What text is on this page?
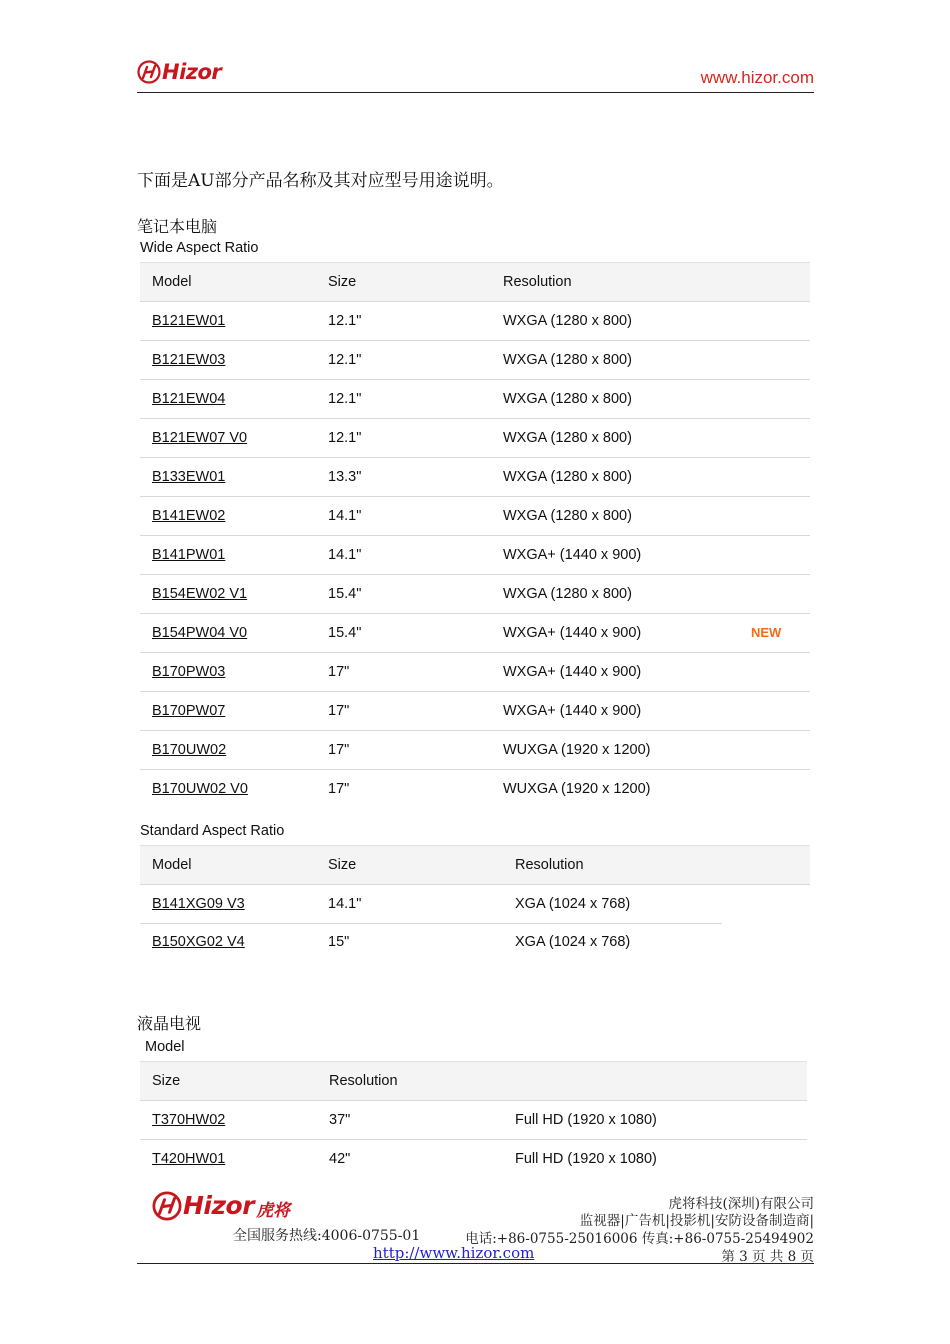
Hizor	www.hizor.com
下面是AU部分产品名称及其对应型号用途说明。
笔记本电脑
Wide Aspect Ratio
Model	Size	Resolution
B121EW01	12.1"	WXGA (1280 x 800)
B121EW03	12.1"	WXGA (1280 x 800)
B121EW04	12.1"	WXGA (1280 x 800)
B121EW07 V0	12.1"	WXGA (1280 x 800)
B133EW01	13.3"	WXGA (1280 x 800)
B141EW02	14.1"	WXGA (1280 x 800)
B141PW01	14.1"	WXGA+ (1440 x 900)
B154EW02 V1	15.4"	WXGA (1280 x 800)
B154PW04 V0	15.4"	WXGA+ (1440 x 900)	NEW
B170PW03	17"	WXGA+ (1440 x 900)
B170PW07	17"	WXGA+ (1440 x 900)
B170UW02	17"	WUXGA (1920 x 1200)
B170UW02 V0	17"	WUXGA (1920 x 1200)
Standard Aspect Ratio
Model	Size	Resolution
B141XG09 V3	14.1"	XGA (1024 x 768)
B150XG02 V4	15"	XGA (1024 x 768)
液晶电视
Model
Size	Resolution
T370HW02	37"	Full HD (1920 x 1080)
T420HW01	42"	Full HD (1920 x 1080)
Hizor 虎将	虎将科技(深圳)有限公司
监视器|广告机|投影机|安防设备制造商|
全国服务热线:4006-0755-01	电话:+86-0755-25016006 传真:+86-0755-25494902
http://www.hizor.com	第 3 页 共 8 页
